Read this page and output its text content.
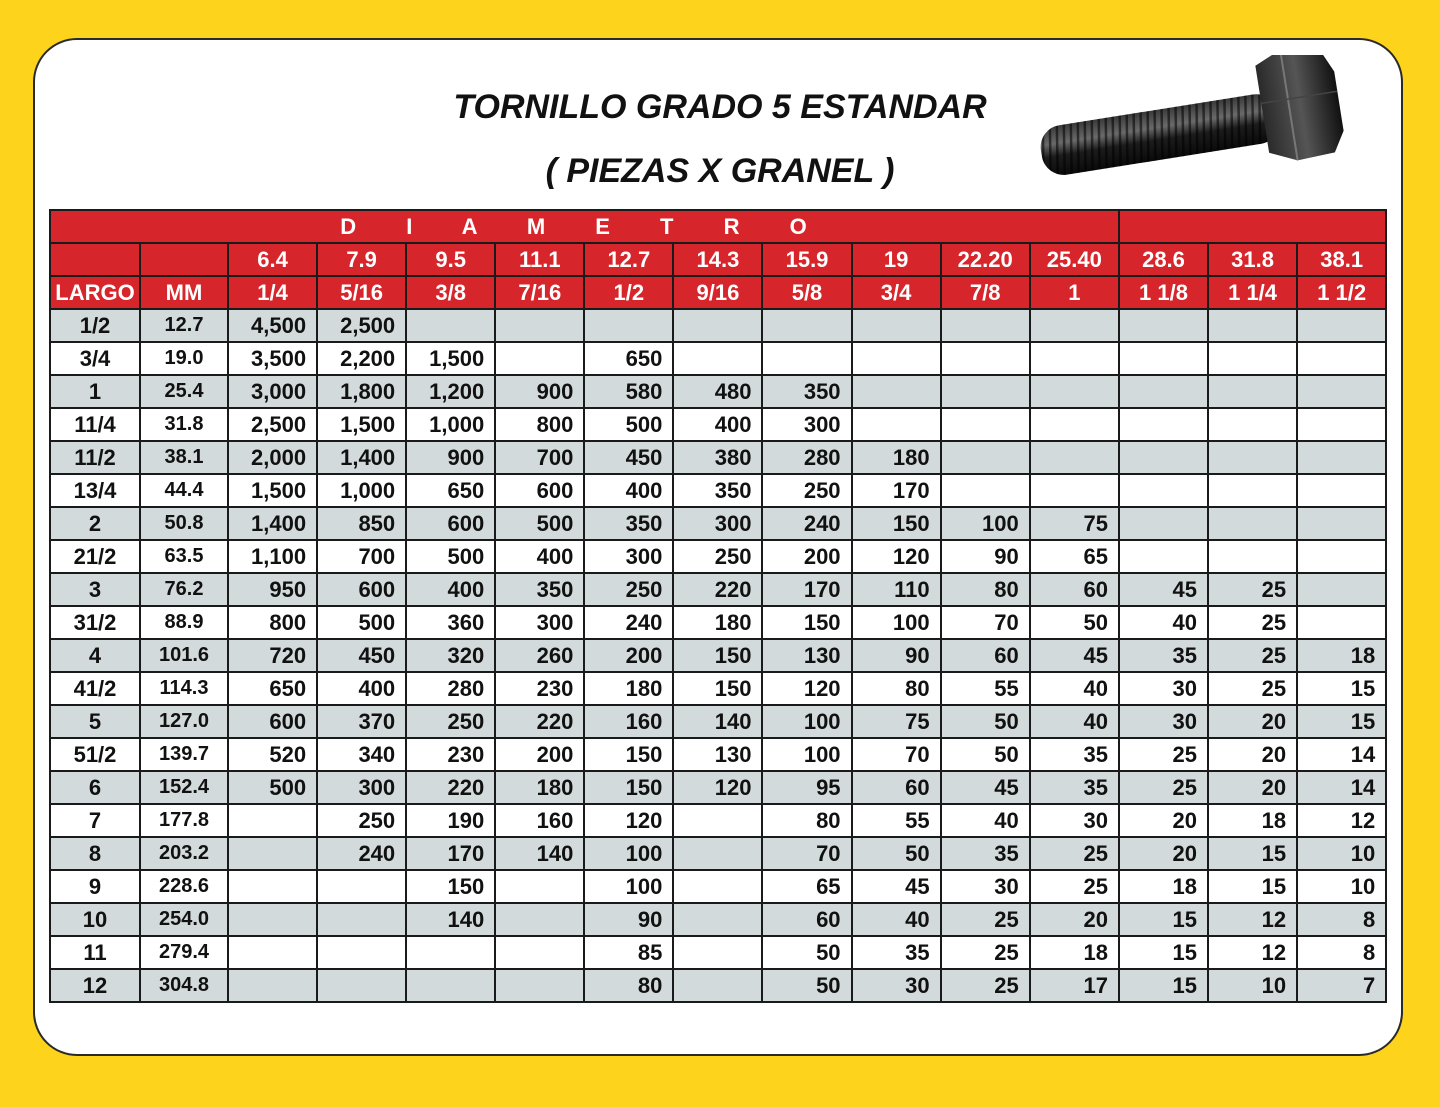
TORNILLO GRADO 5 ESTANDAR
( PIEZAS X GRANEL )
D I A M E T R O														
		6.4	7.9	9.5	11.1	12.7	14.3	15.9	19	22.20	25.40	28.6	31.8	38.1
LARGO	MM	1/4	5/16	3/8	7/16	1/2	9/16	5/8	3/4	7/8	1	1 1/8	1 1/4	1 1/2
1/2	12.7	4,500	2,500											
3/4	19.0	3,500	2,200	1,500		650								
1	25.4	3,000	1,800	1,200	900	580	480	350						
11/4	31.8	2,500	1,500	1,000	800	500	400	300						
11/2	38.1	2,000	1,400	900	700	450	380	280	180					
13/4	44.4	1,500	1,000	650	600	400	350	250	170					
2	50.8	1,400	850	600	500	350	300	240	150	100	75			
21/2	63.5	1,100	700	500	400	300	250	200	120	90	65			
3	76.2	950	600	400	350	250	220	170	110	80	60	45	25	
31/2	88.9	800	500	360	300	240	180	150	100	70	50	40	25	
4	101.6	720	450	320	260	200	150	130	90	60	45	35	25	18
41/2	114.3	650	400	280	230	180	150	120	80	55	40	30	25	15
5	127.0	600	370	250	220	160	140	100	75	50	40	30	20	15
51/2	139.7	520	340	230	200	150	130	100	70	50	35	25	20	14
6	152.4	500	300	220	180	150	120	95	60	45	35	25	20	14
7	177.8		250	190	160	120		80	55	40	30	20	18	12
8	203.2		240	170	140	100		70	50	35	25	20	15	10
9	228.6			150		100		65	45	30	25	18	15	10
10	254.0			140		90		60	40	25	20	15	12	8
11	279.4					85		50	35	25	18	15	12	8
12	304.8					80		50	30	25	17	15	10	7
